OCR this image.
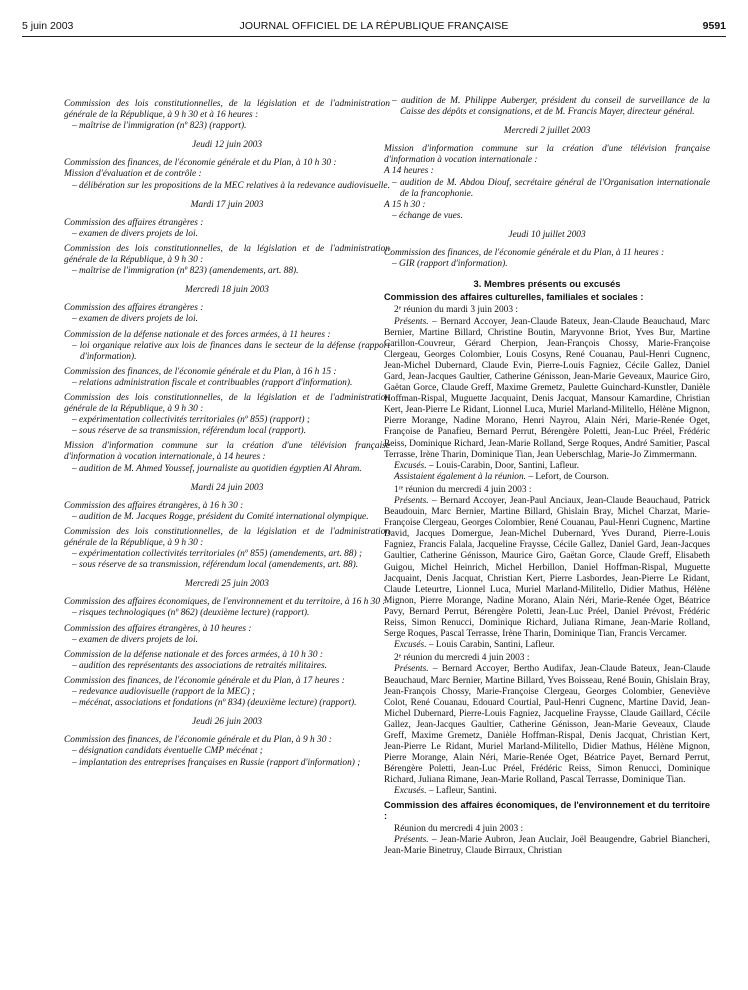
5 juin 2003	JOURNAL OFFICIEL DE LA RÉPUBLIQUE FRANÇAISE	9591

Commission des lois constitutionnelles, de la législation et de l'administration générale de la République, à 9 h 30 et à 16 heures :

– maîtrise de l'immigration (nº 823) (rapport).

Jeudi 12 juin 2003

Commission des finances, de l'économie générale et du Plan, à 10 h 30 :

Mission d'évaluation et de contrôle :

– délibération sur les propositions de la MEC relatives à la redevance audiovisuelle.

Mardi 17 juin 2003

Commission des affaires étrangères :

– examen de divers projets de loi.

Commission des lois constitutionnelles, de la législation et de l'administration générale de la République, à 9 h 30 :

– maîtrise de l'immigration (nº 823) (amendements, art. 88).

Mercredi 18 juin 2003

Commission des affaires étrangères :

– examen de divers projets de loi.

Commission de la défense nationale et des forces armées, à 11 heures :

– loi organique relative aux lois de finances dans le secteur de la défense (rapport d'information).

Commission des finances, de l'économie générale et du Plan, à 16 h 15 :

– relations administration fiscale et contribuables (rapport d'information).

Commission des lois constitutionnelles, de la législation et de l'administration générale de la République, à 9 h 30 :

– expérimentation collectivités territoriales (nº 855) (rapport) ;

– sous réserve de sa transmission, référendum local (rapport).

Mission d'information commune sur la création d'une télévision française d'information à vocation internationale, à 14 heures :

– audition de M. Ahmed Youssef, journaliste au quotidien égyptien Al Ahram.

Mardi 24 juin 2003

Commission des affaires étrangères, à 16 h 30 :

– audition de M. Jacques Rogge, président du Comité international olympique.

Commission des lois constitutionnelles, de la législation et de l'administration générale de la République, à 9 h 30 :

– expérimentation collectivités territoriales (nº 855) (amendements, art. 88) ;

– sous réserve de sa transmission, référendum local (amendements, art. 88).

Mercredi 25 juin 2003

Commission des affaires économiques, de l'environnement et du territoire, à 16 h 30 :

– risques technologiques (nº 862) (deuxième lecture) (rapport).

Commission des affaires étrangères, à 10 heures :

– examen de divers projets de loi.

Commission de la défense nationale et des forces armées, à 10 h 30 :

– audition des représentants des associations de retraités militaires.

Commission des finances, de l'économie générale et du Plan, à 17 heures :

– redevance audiovisuelle (rapport de la MEC) ;

– mécénat, associations et fondations (nº 834) (deuxième lecture) (rapport).

Jeudi 26 juin 2003

Commission des finances, de l'économie générale et du Plan, à 9 h 30 :

– désignation candidats éventuelle CMP mécénat ;

– implantation des entreprises françaises en Russie (rapport d'information) ;

– audition de M. Philippe Auberger, président du conseil de surveillance de la Caisse des dépôts et consignations, et de M. Francis Mayer, directeur général.

Mercredi 2 juillet 2003

Mission d'information commune sur la création d'une télévision française d'information à vocation internationale :

A 14 heures :

– audition de M. Abdou Diouf, secrétaire général de l'Organisation internationale de la francophonie.

A 15 h 30 :

– échange de vues.

Jeudi 10 juillet 2003

Commission des finances, de l'économie générale et du Plan, à 11 heures :

– GIR (rapport d'information).

3. Membres présents ou excusés
Commission des affaires culturelles, familiales et sociales :
2ᵉ réunion du mardi 3 juin 2003 :

Présents. – Bernard Accoyer, Jean-Claude Bateux, Jean-Claude Beauchaud, Marc Bernier, Martine Billard, Christine Boutin, Maryvonne Briot, Yves Bur, Martine Carillon-Couvreur, Gérard Cherpion, Jean-François Chossy, Marie-Françoise Clergeau, Georges Colombier, Louis Cosyns, René Couanau, Paul-Henri Cugnenc, Jean-Michel Dubernard, Claude Evin, Pierre-Louis Fagniez, Cécile Gallez, Daniel Gard, Jean-Jacques Gaultier, Catherine Génisson, Jean-Marie Geveaux, Maurice Giro, Gaëtan Gorce, Claude Greff, Maxime Gremetz, Paulette Guinchard-Kunstler, Danièle Hoffman-Rispal, Muguette Jacquaint, Denis Jacquat, Mansour Kamardine, Christian Kert, Jean-Pierre Le Ridant, Lionnel Luca, Muriel Marland-Militello, Hélène Mignon, Pierre Morange, Nadine Morano, Henri Nayrou, Alain Néri, Marie-Renée Oget, Françoise de Panafieu, Bernard Perrut, Bérengère Poletti, Jean-Luc Préel, Frédéric Reiss, Dominique Richard, Jean-Marie Rolland, Serge Roques, André Samitier, Pascal Terrasse, Irène Tharin, Dominique Tian, Jean Ueberschlag, Marie-Jo Zimmermann.

Excusés. – Louis-Carabin, Door, Santini, Lafleur.

Assistaient également à la réunion. – Lefort, de Courson.

1ʳᵉ réunion du mercredi 4 juin 2003 :

Présents. – Bernard Accoyer, Jean-Paul Anciaux, Jean-Claude Beauchaud, Patrick Beaudouin, Marc Bernier, Martine Billard, Ghislain Bray, Michel Charzat, Marie-Françoise Clergeau, Georges Colombier, René Couanau, Paul-Henri Cugnenc, Martine David, Jacques Domergue, Jean-Michel Dubernard, Yves Durand, Pierre-Louis Fagniez, Francis Falala, Jacqueline Fraysse, Cécile Gallez, Daniel Gard, Jean-Jacques Gaultier, Catherine Génisson, Maurice Giro, Gaëtan Gorce, Claude Greff, Elisabeth Guigou, Michel Heinrich, Michel Herbillon, Daniel Hoffman-Rispal, Muguette Jacquaint, Denis Jacquat, Christian Kert, Pierre Lasbordes, Jean-Pierre Le Ridant, Claude Leteurtre, Lionnel Luca, Muriel Marland-Militello, Didier Mathus, Hélène Mignon, Pierre Morange, Nadine Morano, Alain Néri, Marie-Renée Oget, Béatrice Pavy, Bernard Perrut, Bérengère Poletti, Jean-Luc Préel, Daniel Prévost, Frédéric Reiss, Simon Renucci, Dominique Richard, Juliana Rimane, Jean-Marie Rolland, Serge Roques, Pascal Terrasse, Irène Tharin, Dominique Tian, Francis Vercamer.

Excusés. – Louis Carabin, Santini, Lafleur.

2ᵉ réunion du mercredi 4 juin 2003 :

Présents. – Bernard Accoyer, Bertho Audifax, Jean-Claude Bateux, Jean-Claude Beauchaud, Marc Bernier, Martine Billard, Yves Boisseau, René Bouin, Ghislain Bray, Jean-François Chossy, Marie-Françoise Clergeau, Georges Colombier, Geneviève Colot, René Couanau, Edouard Courtial, Paul-Henri Cugnenc, Martine David, Jean-Michel Dubernard, Pierre-Louis Fagniez, Jacqueline Fraysse, Claude Gaillard, Cécile Gallez, Jean-Jacques Gaultier, Catherine Génisson, Jean-Marie Geveaux, Claude Greff, Maxime Gremetz, Danièle Hoffman-Rispal, Denis Jacquat, Christian Kert, Jean-Pierre Le Ridant, Muriel Marland-Militello, Didier Mathus, Hélène Mignon, Pierre Morange, Alain Néri, Marie-Renée Oget, Béatrice Payet, Bernard Perrut, Bérengère Poletti, Jean-Luc Préel, Frédéric Reiss, Simon Renucci, Dominique Richard, Juliana Rimane, Jean-Marie Rolland, Pascal Terrasse, Dominique Tian.

Excusés. – Lafleur, Santini.

Commission des affaires économiques, de l'environnement et du territoire :
Réunion du mercredi 4 juin 2003 :

Présents. – Jean-Marie Aubron, Jean Auclair, Joël Beaugendre, Gabriel Biancheri, Jean-Marie Binetruy, Claude Birraux, Christian
